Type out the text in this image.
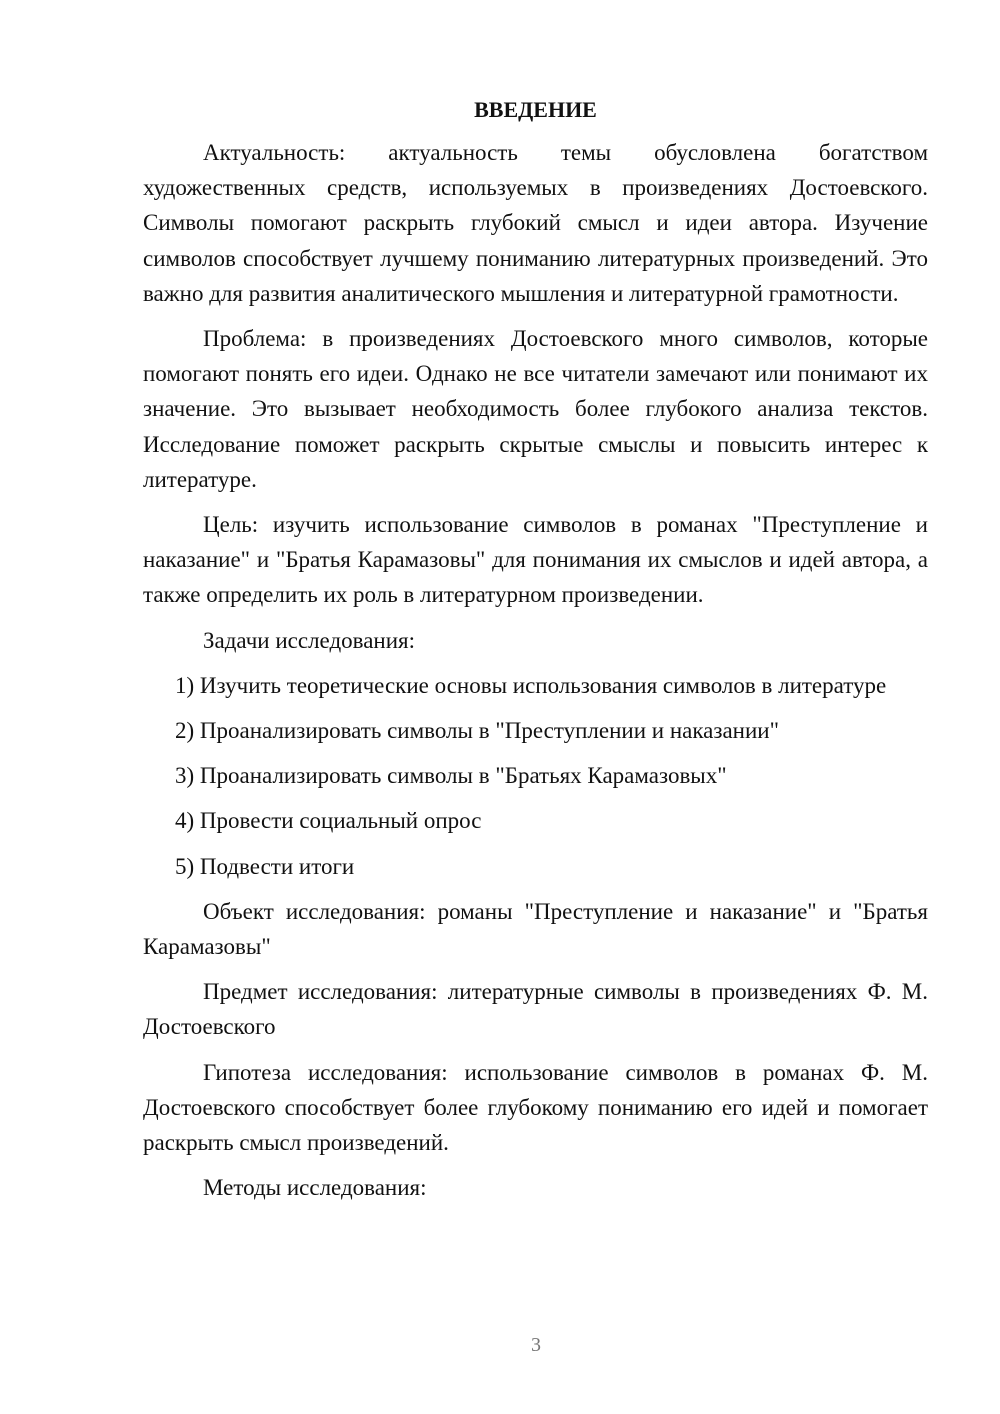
ВВЕДЕНИЕ

Актуальность: актуальность темы обусловлена богатством художественных средств, используемых в произведениях Достоевского. Символы помогают раскрыть глубокий смысл и идеи автора. Изучение символов способствует лучшему пониманию литературных произведений. Это важно для развития аналитического мышления и литературной грамотности.

Проблема: в произведениях Достоевского много символов, которые помогают понять его идеи. Однако не все читатели замечают или понимают их значение. Это вызывает необходимость более глубокого анализа текстов. Исследование поможет раскрыть скрытые смыслы и повысить интерес к литературе.

Цель: изучить использование символов в романах "Преступление и наказание" и "Братья Карамазовы" для понимания их смыслов и идей автора, а также определить их роль в литературном произведении.

Задачи исследования:

1) Изучить теоретические основы использования символов в литературе

2) Проанализировать символы в "Преступлении и наказании"

3) Проанализировать символы в "Братьях Карамазовых"

4) Провести социальный опрос

5) Подвести итоги

Объект исследования: романы "Преступление и наказание" и "Братья Карамазовы"

Предмет исследования: литературные символы в произведениях Ф. М. Достоевского

Гипотеза исследования: использование символов в романах Ф. М. Достоевского способствует более глубокому пониманию его идей и помогает раскрыть смысл произведений.

Методы исследования:

3
